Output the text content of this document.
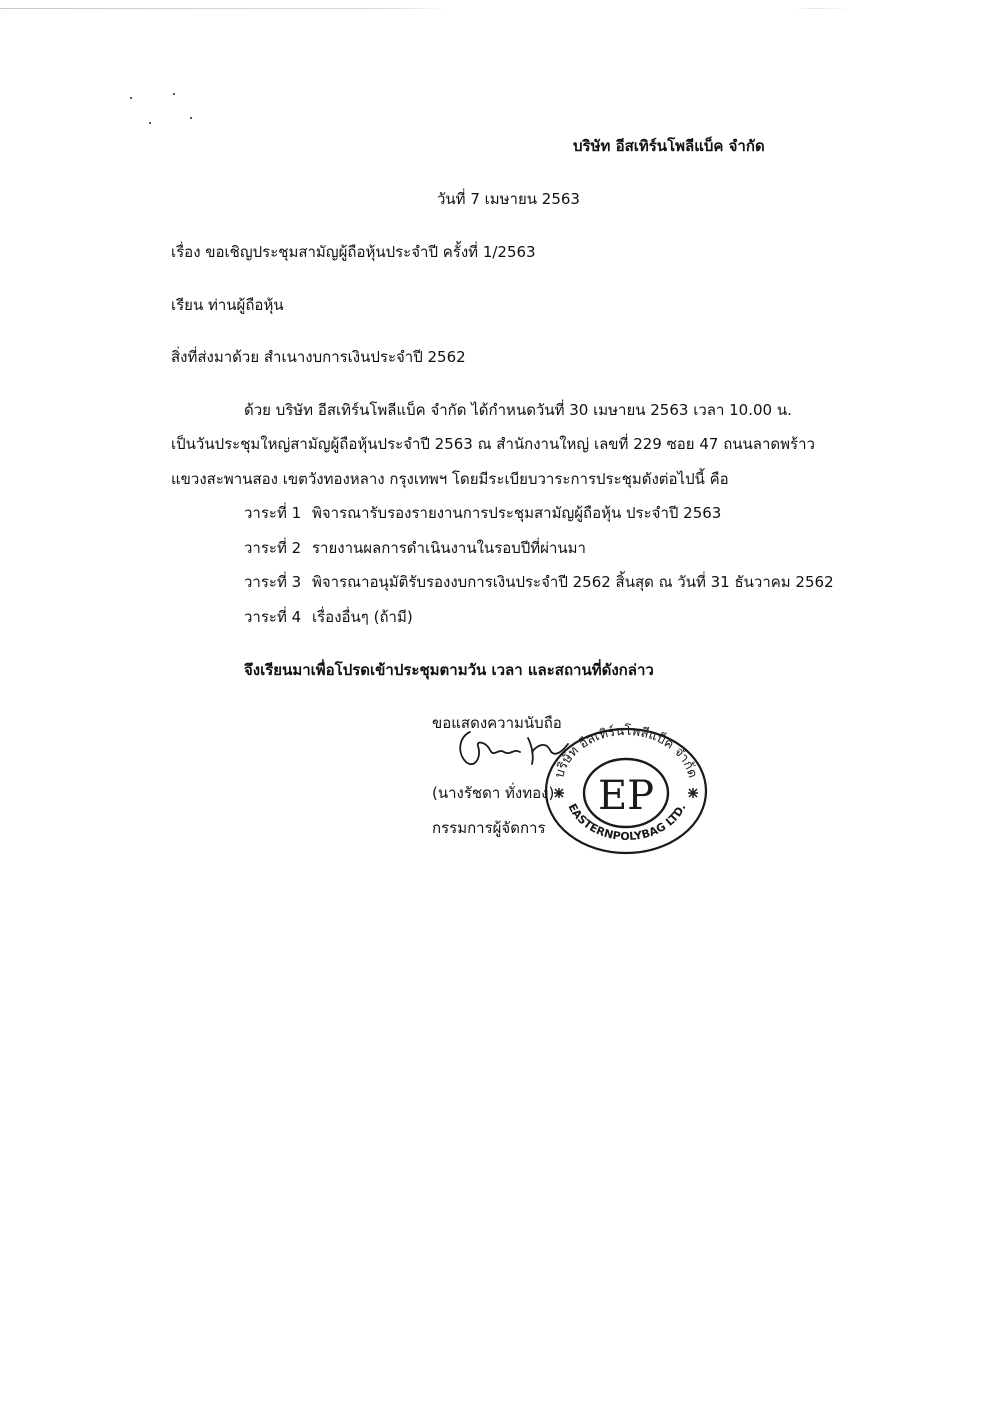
บริษัท อีสเทิร์นโพลีแบ็ค จำกัด
วันที่ 7 เมษายน 2563
เรื่อง ขอเชิญประชุมสามัญผู้ถือหุ้นประจำปี ครั้งที่ 1/2563
เรียน ท่านผู้ถือหุ้น
สิ่งที่ส่งมาด้วย สำเนางบการเงินประจำปี 2562
ด้วย บริษัท อีสเทิร์นโพลีแบ็ค จำกัด ได้กำหนดวันที่ 30 เมษายน 2563 เวลา 10.00 น.
เป็นวันประชุมใหญ่สามัญผู้ถือหุ้นประจำปี 2563 ณ สำนักงานใหญ่ เลขที่ 229 ซอย 47 ถนนลาดพร้าว
แขวงสะพานสอง เขตวังทองหลาง กรุงเทพฯ โดยมีระเบียบวาระการประชุมดังต่อไปนี้ คือ
วาระที่ 1 พิจารณารับรองรายงานการประชุมสามัญผู้ถือหุ้น ประจำปี 2563
วาระที่ 2 รายงานผลการดำเนินงานในรอบปีที่ผ่านมา
วาระที่ 3 พิจารณาอนุมัติรับรองงบการเงินประจำปี 2562 สิ้นสุด ณ วันที่ 31 ธันวาคม 2562
วาระที่ 4 เรื่องอื่นๆ (ถ้ามี)
จึงเรียนมาเพื่อโปรดเข้าประชุมตามวัน เวลา และสถานที่ดังกล่าว
ขอแสดงความนับถือ
(นางรัชดา ทั่งทอง)
กรรมการผู้จัดการ
บริษัท อีสเทิร์นโพลีแบ็ค จำกัด
EASTERNPOLYBAG LTD.
EP
